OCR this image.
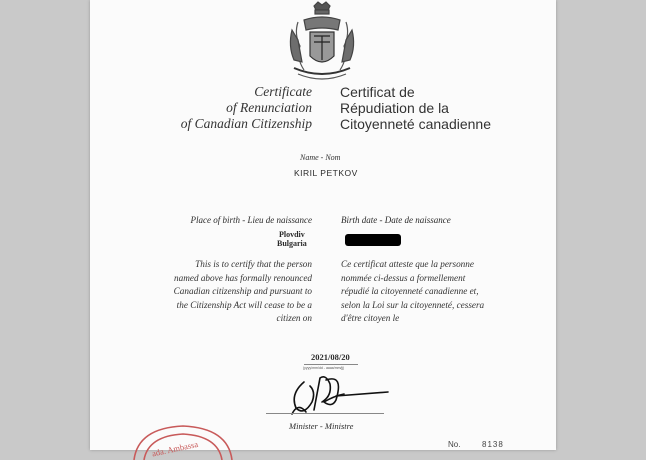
Certificate
of Renunciation
of Canadian Citizenship
Certificat de
Répudiation de la
Citoyenneté canadienne
Name - Nom
KIRIL PETKOV
Place of birth - Lieu de naissance
Plovdiv
Bulgaria
Birth date - Date de naissance
This is to certify that the person
named above has formally renounced
Canadian citizenship and pursuant to
the Citizenship Act will cease to be a
citizen on
Ce certificat atteste que la personne
nommée ci-dessus a formellement
répudié la citoyenneté canadienne et,
selon la Loi sur la citoyenneté, cessera
d'être citoyen le
2021/08/20
(yyyy/mm/dd - aaaa/mm/jj)
Minister - Ministre
No.	8138
ada. Ambassa
